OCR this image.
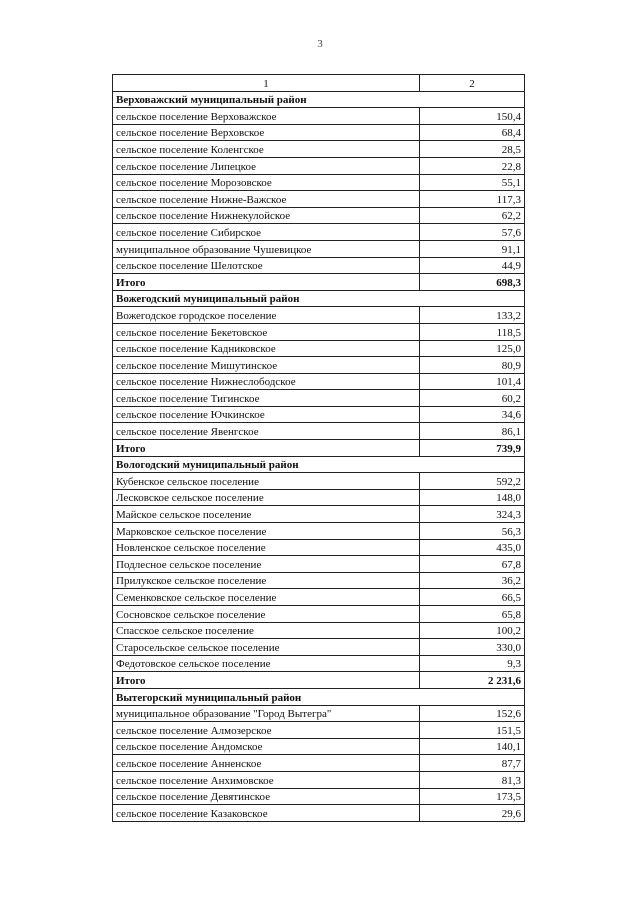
3
1	2
Верховажский муниципальный район	
сельское поселение Верховажское	150,4
сельское поселение Верховское	68,4
сельское поселение Коленгское	28,5
сельское поселение Липецкое	22,8
сельское поселение Морозовское	55,1
сельское поселение Нижне-Важское	117,3
сельское поселение Нижнекулойское	62,2
сельское поселение Сибирское	57,6
муниципальное образование Чушевицкое	91,1
сельское поселение Шелотское	44,9
Итого	698,3
Вожегодский муниципальный район	
Вожегодское городское поселение	133,2
сельское поселение Бекетовское	118,5
сельское поселение Кадниковское	125,0
сельское поселение Мишутинское	80,9
сельское поселение Нижнеслободское	101,4
сельское поселение Тигинское	60,2
сельское поселение Ючкинское	34,6
сельское поселение Явенгское	86,1
Итого	739,9
Вологодский муниципальный район	
Кубенское сельское поселение	592,2
Лесковское сельское поселение	148,0
Майское сельское поселение	324,3
Марковское сельское поселение	56,3
Новленское сельское поселение	435,0
Подлесное сельское поселение	67,8
Прилукское сельское поселение	36,2
Семенковское сельское поселение	66,5
Сосновское сельское поселение	65,8
Спасское сельское поселение	100,2
Старосельское сельское поселение	330,0
Федотовское сельское поселение	9,3
Итого	2 231,6
Вытегорский муниципальный район	
муниципальное образование "Город Вытегра"	152,6
сельское поселение Алмозерское	151,5
сельское поселение Андомское	140,1
сельское поселение Анненское	87,7
сельское поселение Анхимовское	81,3
сельское поселение Девятинское	173,5
сельское поселение Казаковское	29,6
